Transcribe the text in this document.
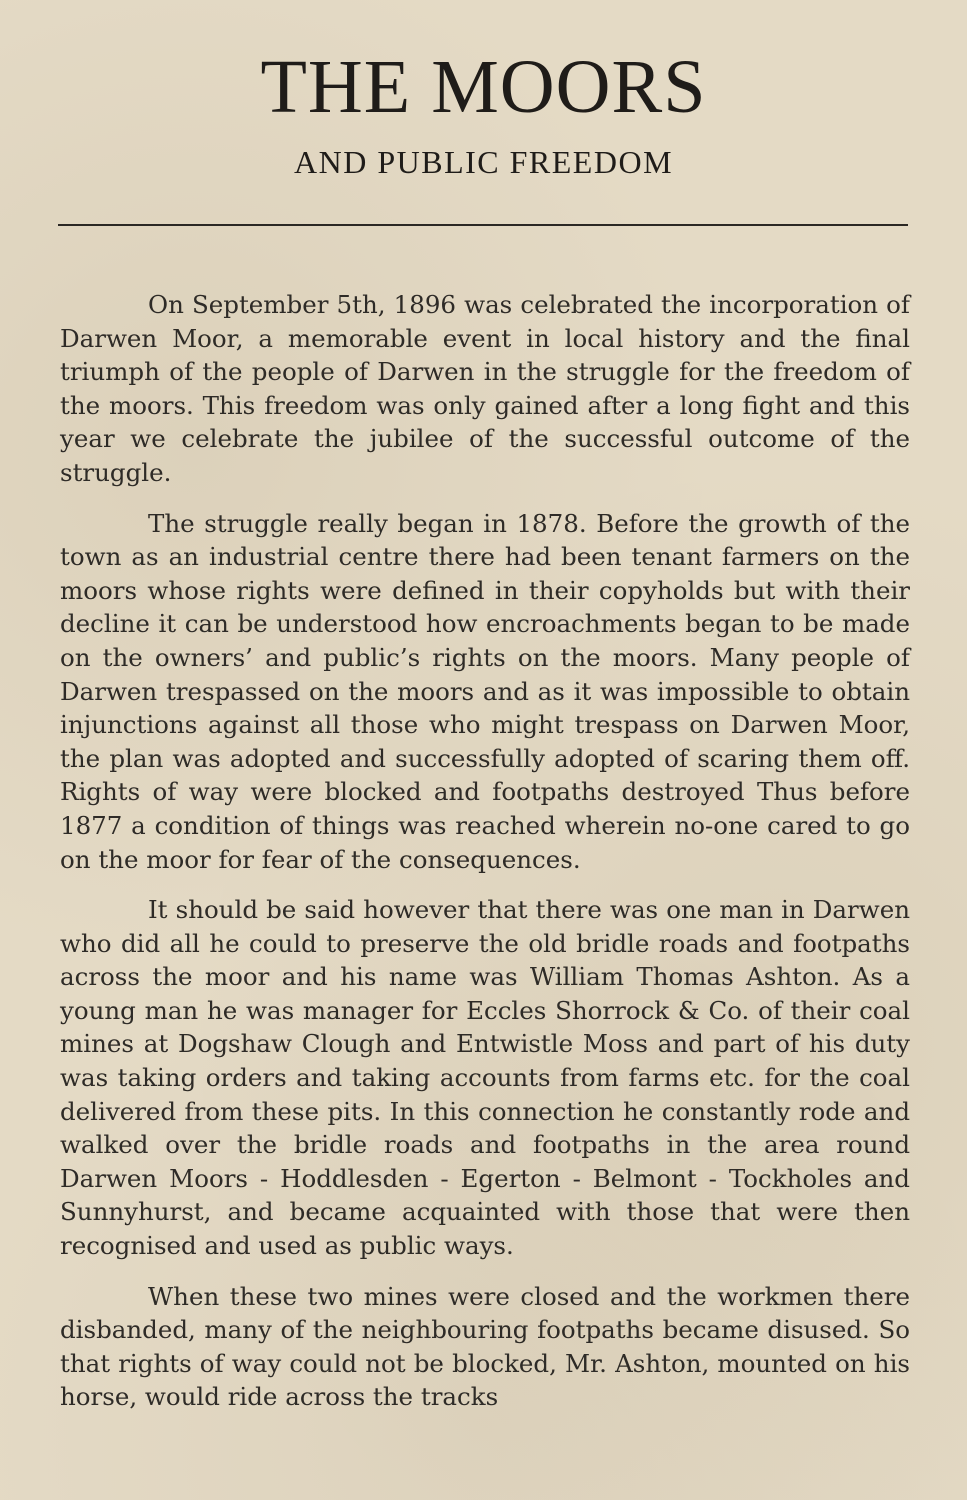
THE MOORS
AND PUBLIC FREEDOM

On September 5th, 1896 was celebrated the incorporation of Darwen Moor, a memorable event in local history and the final triumph of the people of Darwen in the struggle for the freedom of the moors. This freedom was only gained after a long fight and this year we celebrate the jubilee of the successful outcome of the struggle.

The struggle really began in 1878. Before the growth of the town as an industrial centre there had been tenant farmers on the moors whose rights were defined in their copyholds but with their decline it can be understood how encroachments began to be made on the owners’ and public’s rights on the moors. Many people of Darwen trespassed on the moors and as it was impossible to obtain injunctions against all those who might trespass on Darwen Moor, the plan was adopted and successfully adopted of scaring them off. Rights of way were blocked and footpaths destroyed Thus before 1877 a condition of things was reached wherein no-one cared to go on the moor for fear of the consequences.

It should be said however that there was one man in Darwen who did all he could to preserve the old bridle roads and footpaths across the moor and his name was William Thomas Ashton. As a young man he was manager for Eccles Shorrock & Co. of their coal mines at Dogshaw Clough and Entwistle Moss and part of his duty was taking orders and taking accounts from farms etc. for the coal delivered from these pits. In this connection he constantly rode and walked over the bridle roads and footpaths in the area round Darwen Moors - Hoddlesden - Egerton - Belmont - Tockholes and Sunnyhurst, and became acquainted with those that were then recognised and used as public ways.

When these two mines were closed and the workmen there disbanded, many of the neighbouring footpaths became disused. So that rights of way could not be blocked, Mr. Ashton, mounted on his horse, would ride across the tracks
